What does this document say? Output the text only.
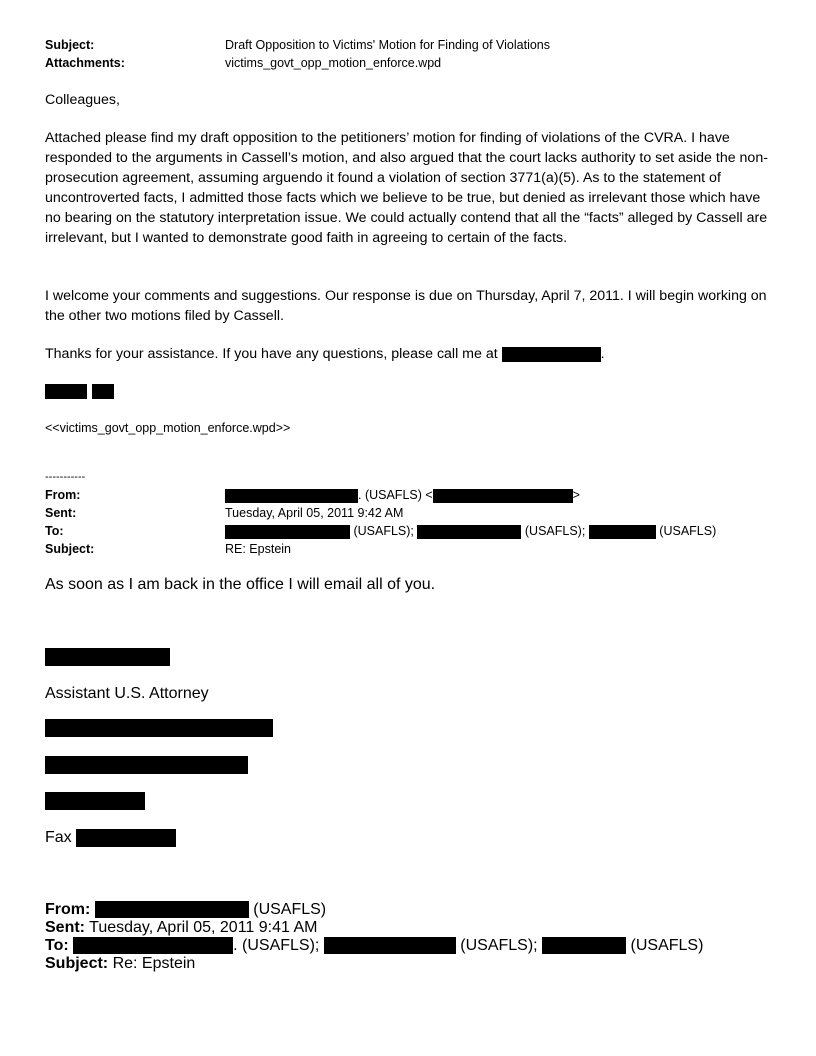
Subject:	Draft Opposition to Victims' Motion for Finding of Violations
Attachments:	victims_govt_opp_motion_enforce.wpd
Colleagues,
Attached please find my draft opposition to the petitioners’ motion for finding of violations of the CVRA. I have responded to the arguments in Cassell’s motion, and also argued that the court lacks authority to set aside the non-prosecution agreement, assuming arguendo it found a violation of section 3771(a)(5). As to the statement of uncontroverted facts, I admitted those facts which we believe to be true, but denied as irrelevant those which have no bearing on the statutory interpretation issue. We could actually contend that all the “facts” alleged by Cassell are irrelevant, but I wanted to demonstrate good faith in agreeing to certain of the facts.
I welcome your comments and suggestions. Our response is due on Thursday, April 7, 2011. I will begin working on the other two motions filed by Cassell.
Thanks for your assistance. If you have any questions, please call me at	.
<<victims_govt_opp_motion_enforce.wpd>>
-----------
From:	. (USAFLS) <	>
Sent:	Tuesday, April 05, 2011 9:42 AM
To:	(USAFLS);	(USAFLS);	(USAFLS)
Subject:	RE: Epstein
As soon as I am back in the office I will email all of you.
Assistant U.S. Attorney
Fax
From:	(USAFLS)
Sent: Tuesday, April 05, 2011 9:41 AM
To:	. (USAFLS);	(USAFLS);	(USAFLS)
Subject: Re: Epstein
